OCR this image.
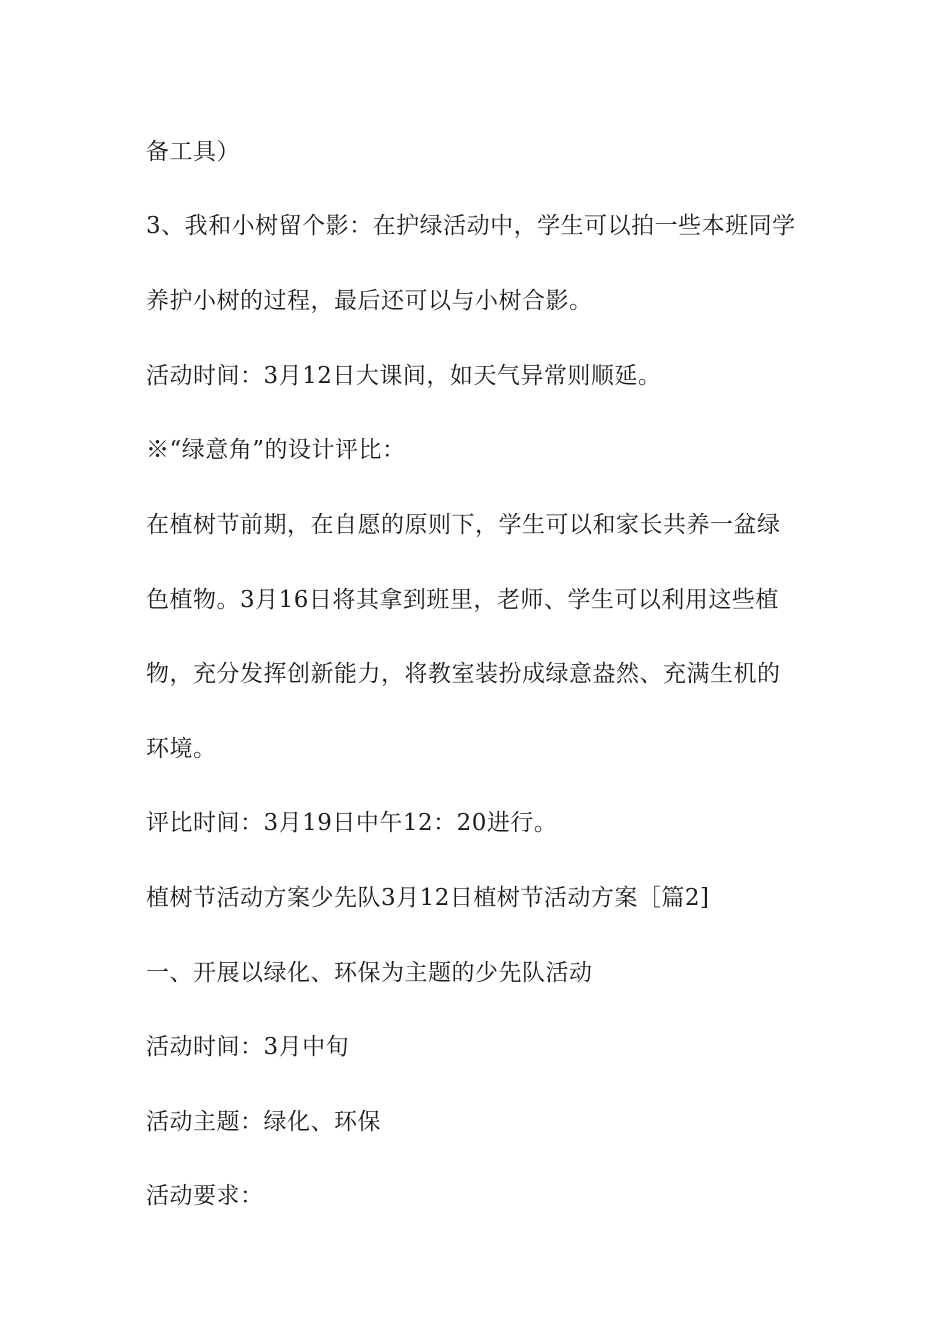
备工具）

3、我和小树留个影：在护绿活动中，学生可以拍一些本班同学

养护小树的过程，最后还可以与小树合影。

活动时间：3月12日大课间，如天气异常则顺延。

※“绿意角”的设计评比：

在植树节前期，在自愿的原则下，学生可以和家长共养一盆绿

色植物。3月16日将其拿到班里，老师、学生可以利用这些植

物，充分发挥创新能力，将教室装扮成绿意盎然、充满生机的

环境。

评比时间：3月19日中午12：20进行。

植树节活动方案少先队3月12日植树节活动方案［篇2]

一、开展以绿化、环保为主题的少先队活动

活动时间：3月中旬

活动主题：绿化、环保

活动要求：
